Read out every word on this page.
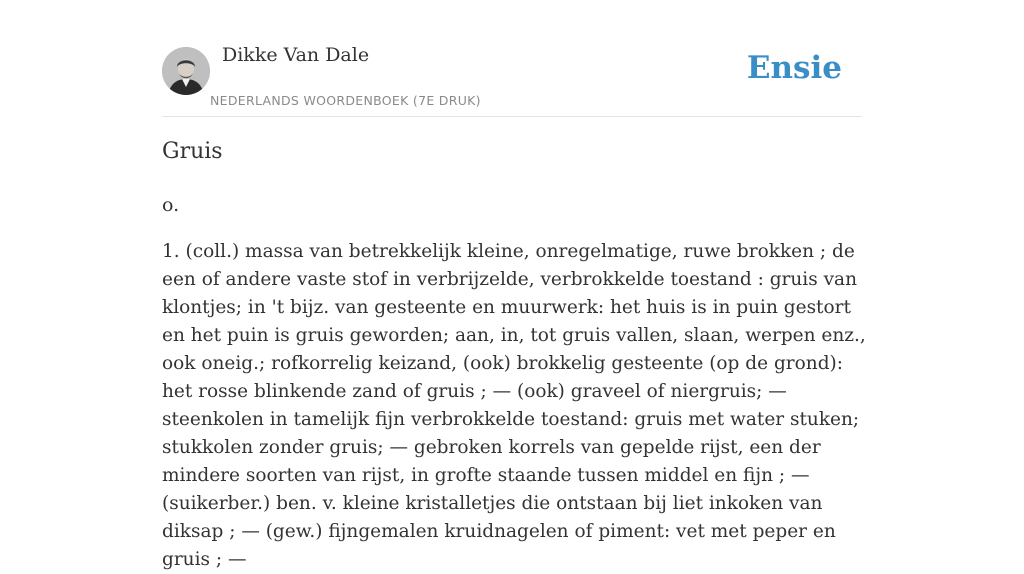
Dikke Van Dale
NEDERLANDS WOORDENBOEK (7E DRUK)
Ensie
Gruis

o.

1. (coll.) massa van betrekkelijk kleine, onregelmatige, ruwe brokken ; de een of andere vaste stof in verbrijzelde, verbrokkelde toestand : gruis van klontjes; in 't bijz. van gesteente en muurwerk: het huis is in puin gestort en het puin is gruis geworden; aan, in, tot gruis vallen, slaan, werpen enz., ook oneig.; rofkorrelig keizand, (ook) brokkelig gesteente (op de grond): het rosse blinkende zand of gruis ; — (ook) graveel of niergruis; — steenkolen in tamelijk fijn verbrokkelde toestand: gruis met water stuken; stukkolen zonder gruis; — gebroken korrels van gepelde rijst, een der mindere soorten van rijst, in grofte staande tussen middel en fijn ; — (suikerber.) ben. v. kleine kristalletjes die ontstaan bij liet inkoken van diksap ; — (gew.) fijngemalen kruidnagelen of piment: vet met peper en gruis ; —
